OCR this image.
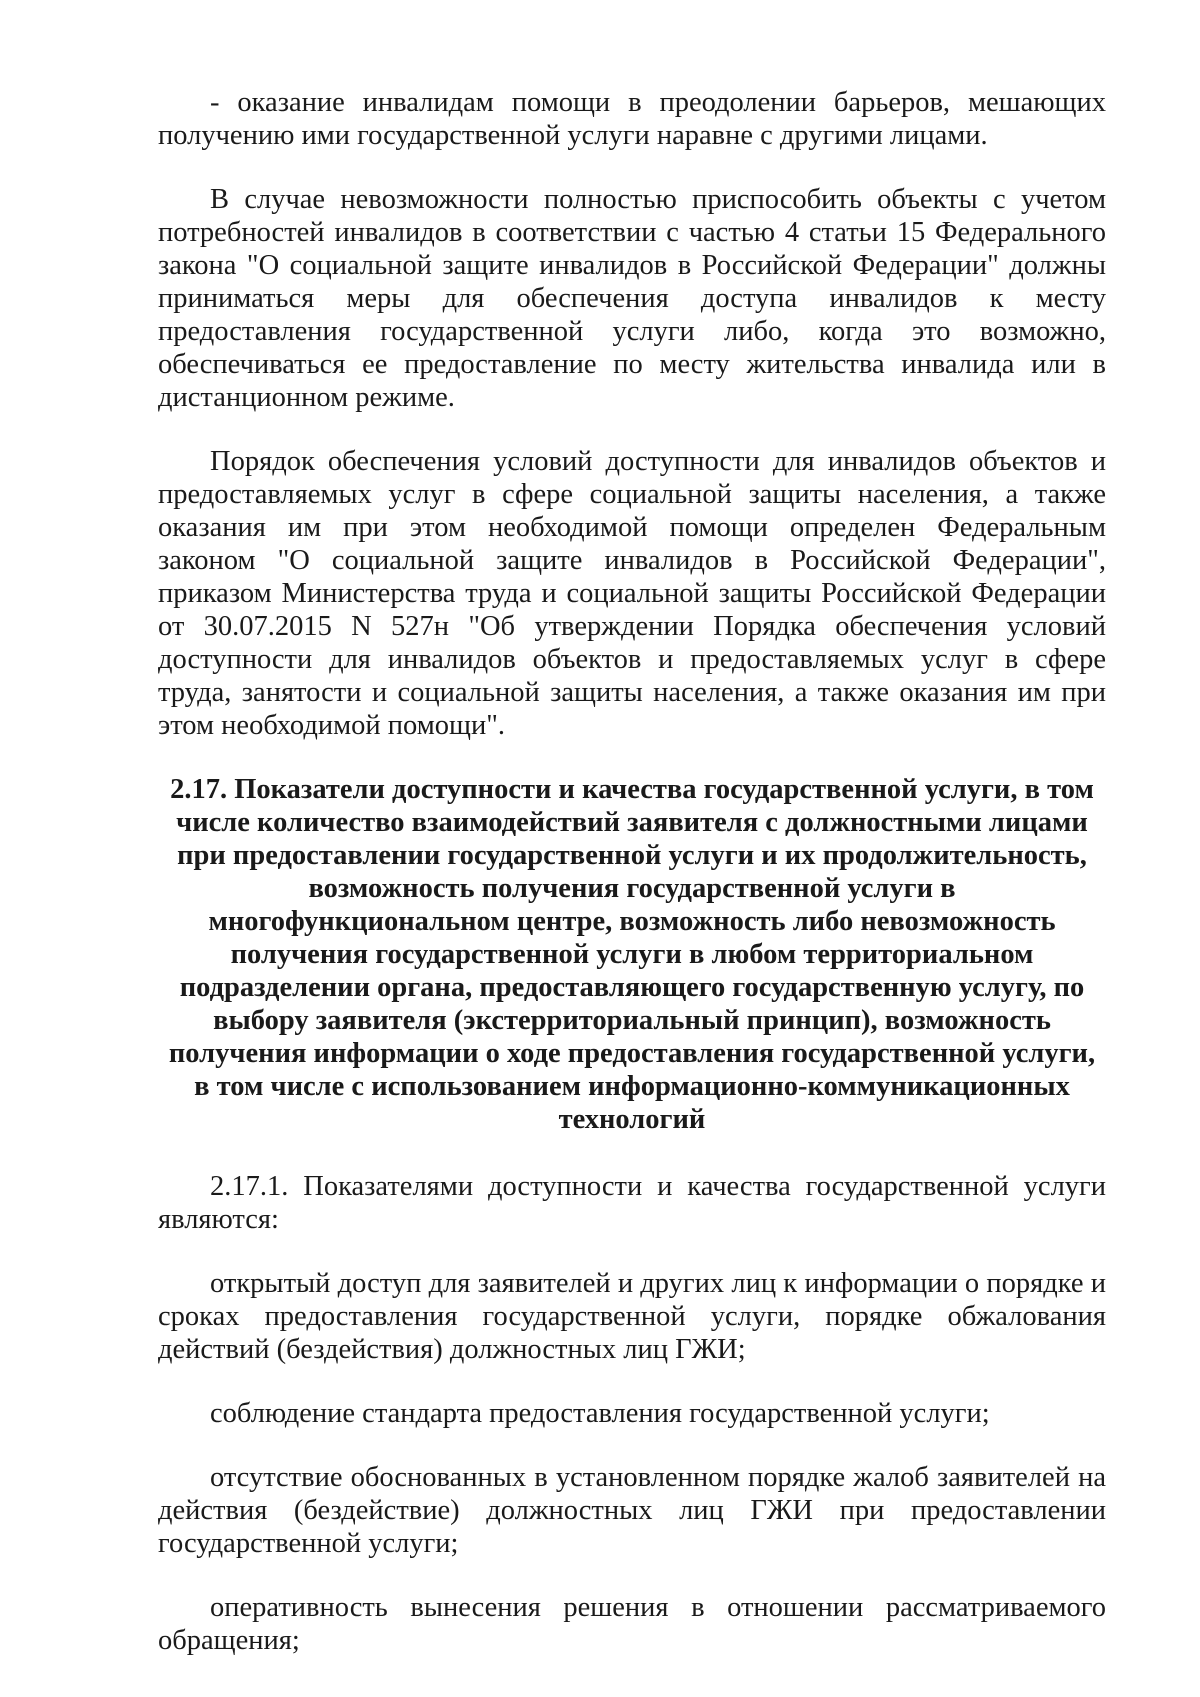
- оказание инвалидам помощи в преодолении барьеров, мешающих получению ими государственной услуги наравне с другими лицами.

В случае невозможности полностью приспособить объекты с учетом потребностей инвалидов в соответствии с частью 4 статьи 15 Федерального закона "О социальной защите инвалидов в Российской Федерации" должны приниматься меры для обеспечения доступа инвалидов к месту предоставления государственной услуги либо, когда это возможно, обеспечиваться ее предоставление по месту жительства инвалида или в дистанционном режиме.

Порядок обеспечения условий доступности для инвалидов объектов и предоставляемых услуг в сфере социальной защиты населения, а также оказания им при этом необходимой помощи определен Федеральным законом "О социальной защите инвалидов в Российской Федерации", приказом Министерства труда и социальной защиты Российской Федерации от 30.07.2015 N 527н "Об утверждении Порядка обеспечения условий доступности для инвалидов объектов и предоставляемых услуг в сфере труда, занятости и социальной защиты населения, а также оказания им при этом необходимой помощи".

2.17. Показатели доступности и качества государственной услуги, в том числе количество взаимодействий заявителя с должностными лицами при предоставлении государственной услуги и их продолжительность, возможность получения государственной услуги в многофункциональном центре, возможность либо невозможность получения государственной услуги в любом территориальном подразделении органа, предоставляющего государственную услугу, по выбору заявителя (экстерриториальный принцип), возможность получения информации о ходе предоставления государственной услуги, в том числе с использованием информационно-коммуникационных технологий

2.17.1. Показателями доступности и качества государственной услуги являются:

открытый доступ для заявителей и других лиц к информации о порядке и сроках предоставления государственной услуги, порядке обжалования действий (бездействия) должностных лиц ГЖИ;

соблюдение стандарта предоставления государственной услуги;

отсутствие обоснованных в установленном порядке жалоб заявителей на действия (бездействие) должностных лиц ГЖИ при предоставлении государственной услуги;

оперативность вынесения решения в отношении рассматриваемого обращения;
